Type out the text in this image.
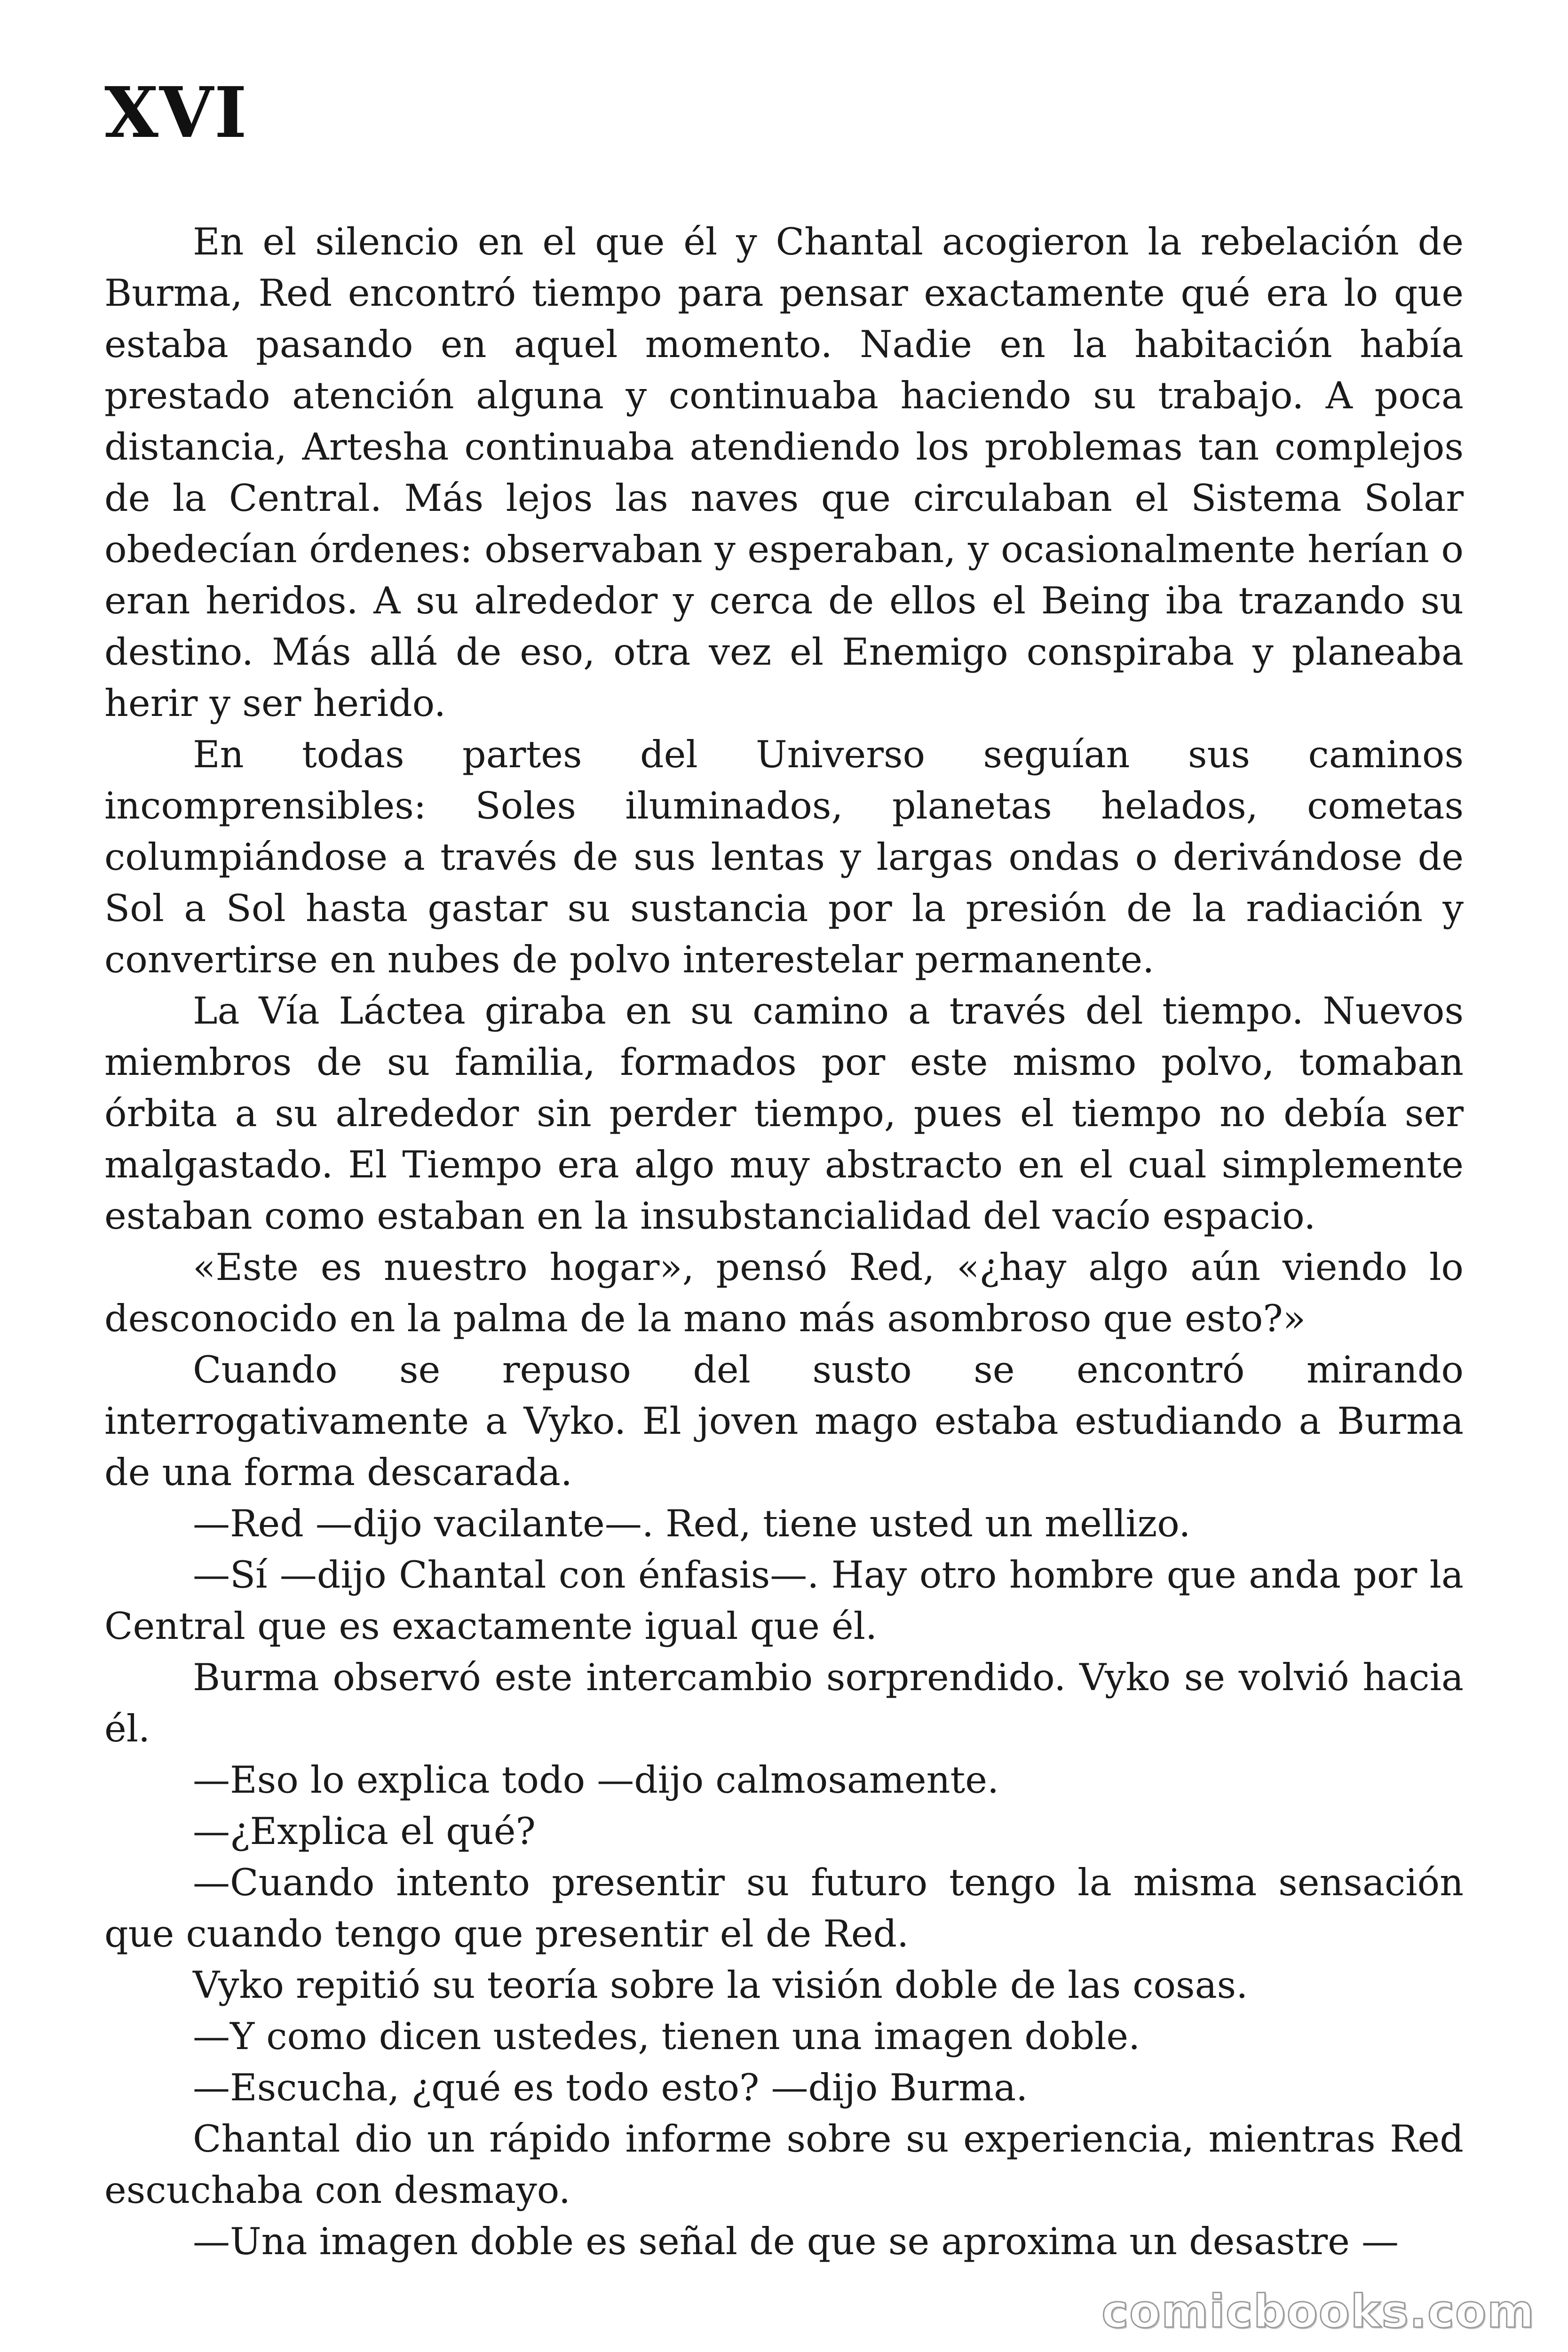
XVI

En el silencio en el que él y Chantal acogieron la rebelación de Burma, Red encontró tiempo para pensar exactamente qué era lo que estaba pasando en aquel momento. Nadie en la habitación había prestado atención alguna y continuaba haciendo su trabajo. A poca distancia, Artesha continuaba atendiendo los problemas tan complejos de la Central. Más lejos las naves que circulaban el Sistema Solar obedecían órdenes: observaban y esperaban, y ocasionalmente herían o eran heridos. A su alrededor y cerca de ellos el Being iba trazando su destino. Más allá de eso, otra vez el Enemigo conspiraba y planeaba herir y ser herido.

En todas partes del Universo seguían sus caminos incomprensibles: Soles iluminados, planetas helados, cometas columpiándose a través de sus lentas y largas ondas o derivándose de Sol a Sol hasta gastar su sustancia por la presión de la radiación y convertirse en nubes de polvo interestelar permanente.

La Vía Láctea giraba en su camino a través del tiempo. Nuevos miembros de su familia, formados por este mismo polvo, tomaban órbita a su alrededor sin perder tiempo, pues el tiempo no debía ser malgastado. El Tiempo era algo muy abstracto en el cual simplemente estaban como estaban en la insubstancialidad del vacío espacio.

«Este es nuestro hogar», pensó Red, «¿hay algo aún viendo lo desconocido en la palma de la mano más asombroso que esto?»

Cuando se repuso del susto se encontró mirando interrogativamente a Vyko. El joven mago estaba estudiando a Burma de una forma descarada.

—Red —dijo vacilante—. Red, tiene usted un mellizo.

—Sí —dijo Chantal con énfasis—. Hay otro hombre que anda por la Central que es exactamente igual que él.

Burma observó este intercambio sorprendido. Vyko se volvió hacia él.

—Eso lo explica todo —dijo calmosamente.

—¿Explica el qué?

—Cuando intento presentir su futuro tengo la misma sensación que cuando tengo que presentir el de Red.

Vyko repitió su teoría sobre la visión doble de las cosas.

—Y como dicen ustedes, tienen una imagen doble.

—Escucha, ¿qué es todo esto? —dijo Burma.

Chantal dio un rápido informe sobre su experiencia, mientras Red escuchaba con desmayo.

—Una imagen doble es señal de que se aproxima un desastre —

comicbooks.com
